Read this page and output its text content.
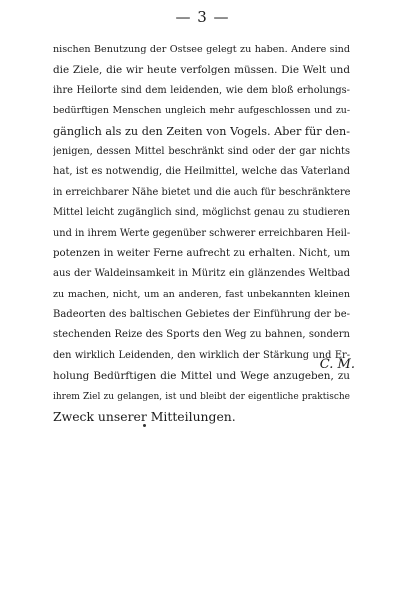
— 3 —
nischen Benutzung der Ostsee gelegt zu haben. Andere sind
die Ziele, die wir heute verfolgen müssen. Die Welt und
ihre Heilorte sind dem leidenden, wie dem bloß erholungs-
bedürftigen Menschen ungleich mehr aufgeschlossen und zu-
gänglich als zu den Zeiten von Vogels. Aber für den-
jenigen, dessen Mittel beschränkt sind oder der gar nichts
hat, ist es notwendig, die Heilmittel, welche das Vaterland
in erreichbarer Nähe bietet und die auch für beschränktere
Mittel leicht zugänglich sind, möglichst genau zu studieren
und in ihrem Werte gegenüber schwerer erreichbaren Heil-
potenzen in weiter Ferne aufrecht zu erhalten. Nicht, um
aus der Waldeinsamkeit in Müritz ein glänzendes Weltbad
zu machen, nicht, um an anderen, fast unbekannten kleinen
Badeorten des baltischen Gebietes der Einführung der be-
stechenden Reize des Sports den Weg zu bahnen, sondern
den wirklich Leidenden, den wirklich der Stärkung und Er-
holung Bedürftigen die Mittel und Wege anzugeben, zu
ihrem Ziel zu gelangen, ist und bleibt der eigentliche praktische
Zweck unserer Mitteilungen.
C. M.
